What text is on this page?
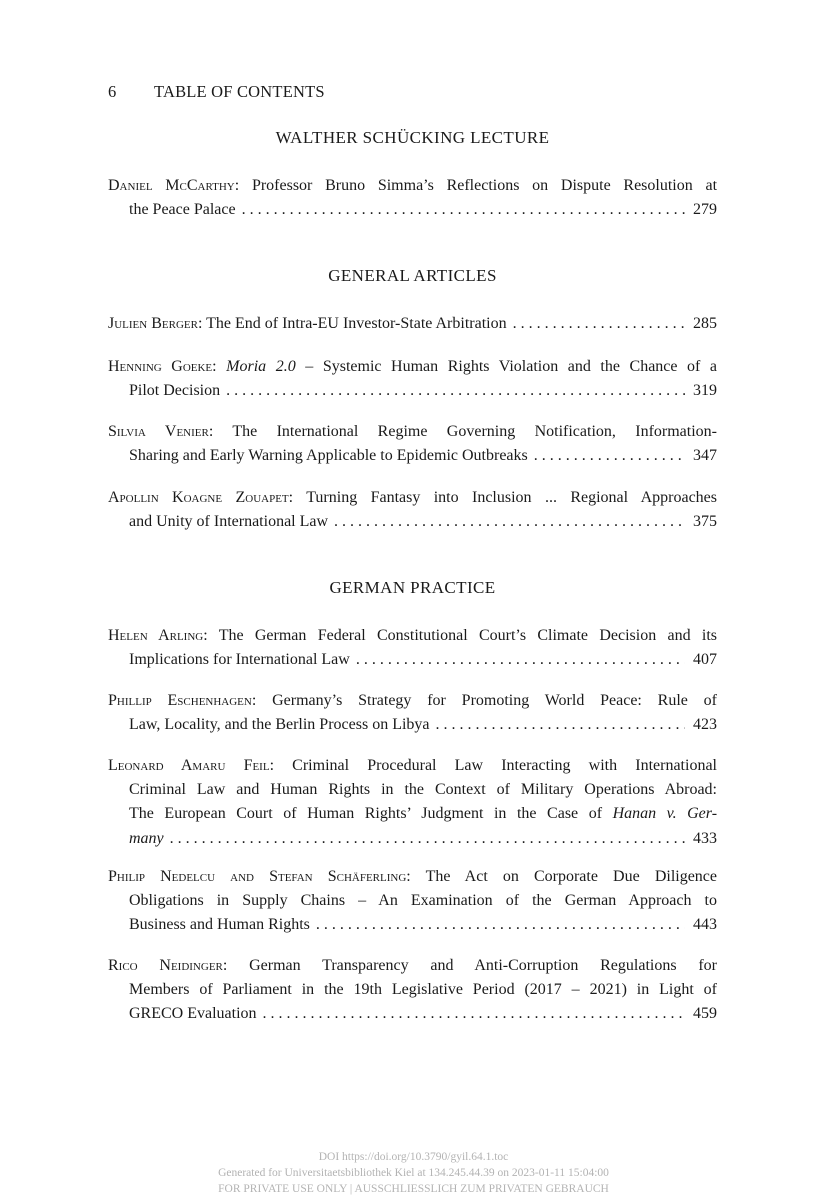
6 TABLE OF CONTENTS
WALTHER SCHÜCKING LECTURE
Daniel McCarthy: Professor Bruno Simma’s Reflections on Dispute Resolution at
the Peace Palace . . .	279
GENERAL ARTICLES
Julien Berger: The End of Intra-EU Investor-State Arbitration . . .	285
Henning Goeke: Moria 2.0 – Systemic Human Rights Violation and the Chance of a
Pilot Decision . . .	319
Silvia Venier: The International Regime Governing Notification, Information-
Sharing and Early Warning Applicable to Epidemic Outbreaks . . .	347
Apollin Koagne Zouapet: Turning Fantasy into Inclusion ... Regional Approaches
and Unity of International Law . . .	375
GERMAN PRACTICE
Helen Arling: The German Federal Constitutional Court’s Climate Decision and its
Implications for International Law . . .	407
Phillip Eschenhagen: Germany’s Strategy for Promoting World Peace: Rule of
Law, Locality, and the Berlin Process on Libya . . .	423
Leonard Amaru Feil: Criminal Procedural Law Interacting with International
Criminal Law and Human Rights in the Context of Military Operations Abroad:
The European Court of Human Rights’ Judgment in the Case of Hanan v. Ger-
many . . .	433
Philip Nedelcu and Stefan Schäferling: The Act on Corporate Due Diligence
Obligations in Supply Chains – An Examination of the German Approach to
Business and Human Rights . . .	443
Rico Neidinger: German Transparency and Anti-Corruption Regulations for
Members of Parliament in the 19th Legislative Period (2017 – 2021) in Light of
GRECO Evaluation . . .	459
DOI https://doi.org/10.3790/gyil.64.1.toc
Generated for Universitaetsbibliothek Kiel at 134.245.44.39 on 2023-01-11 15:04:00
FOR PRIVATE USE ONLY | AUSSCHLIESSLICH ZUM PRIVATEN GEBRAUCH
